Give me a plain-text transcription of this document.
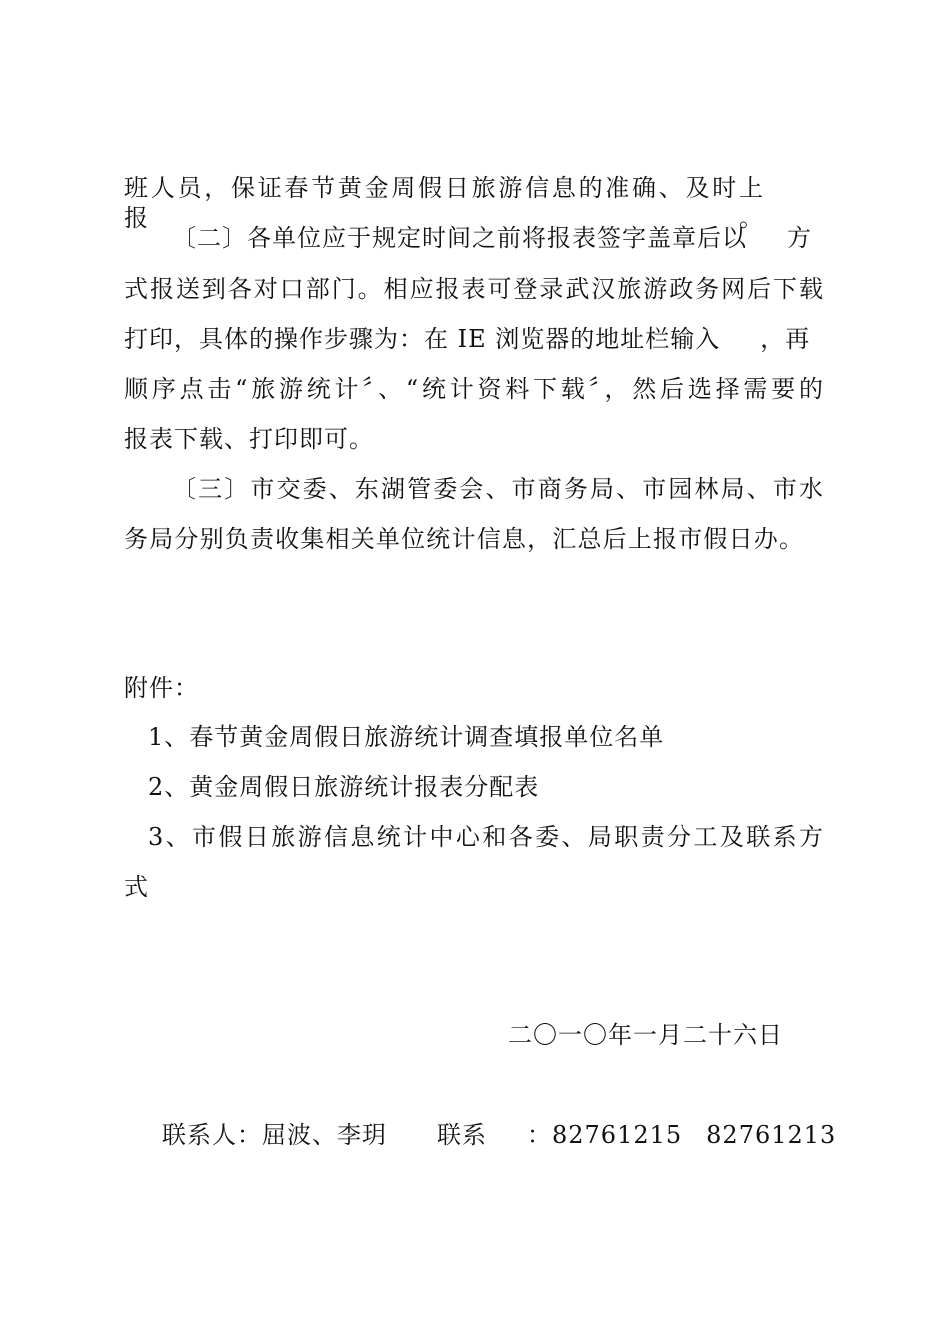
班人员，保证春节黄金周假日旅游信息的准确、及时上报。
〔二〕各单位应于规定时间之前将报表签字盖章后以 方
式报送到各对口部门。相应报表可登录武汉旅游政务网后下载
打印，具体的操作步骤为：在 IE 浏览器的地址栏输入 ，再
顺序点击“旅游统计〞、“统计资料下载〞，然后选择需要的
报表下载、打印即可。
〔三〕市交委、东湖管委会、市商务局、市园林局、市水
务局分别负责收集相关单位统计信息，汇总后上报市假日办。
附件：
1、春节黄金周假日旅游统计调查填报单位名单
2、黄金周假日旅游统计报表分配表
3、市假日旅游信息统计中心和各委、局职责分工及联系方
式
二〇一〇年一月二十六日
联系人：屈波、李玥 联系 ：82761215 82761213
